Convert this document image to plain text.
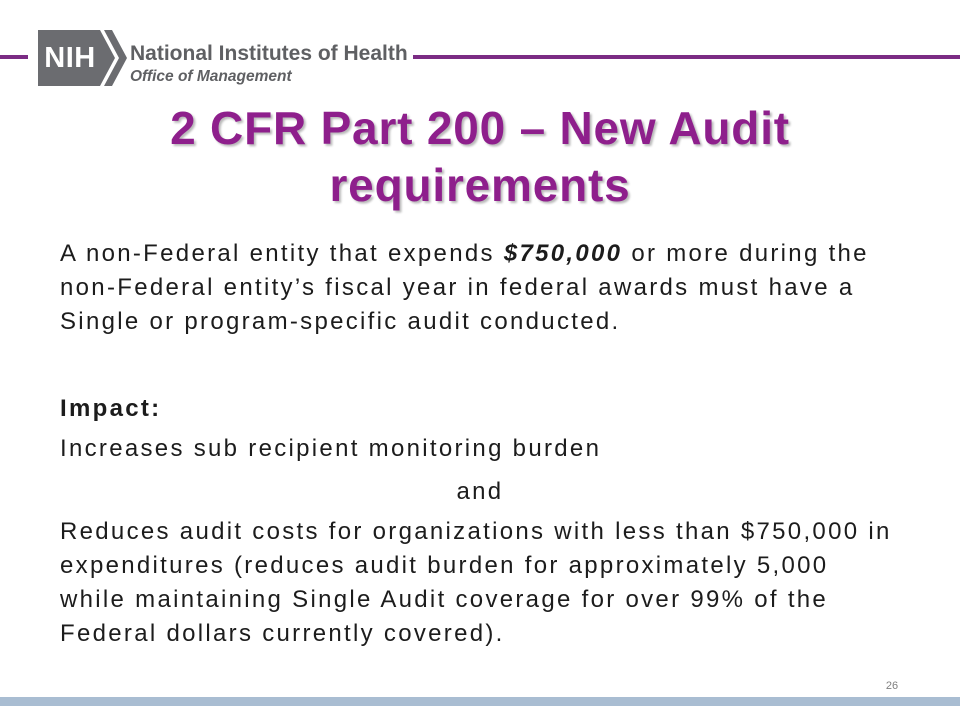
NIH National Institutes of Health
Office of Management
2 CFR Part 200 – New Audit
requirements
A non-Federal entity that expends $750,000 or more during the
non-Federal entity’s fiscal year in federal awards must have a
Single or program-specific audit conducted.
Impact:
Increases sub recipient monitoring burden
and
Reduces audit costs for organizations with less than $750,000 in
expenditures (reduces audit burden for approximately 5,000
while maintaining Single Audit coverage for over 99% of the
Federal dollars currently covered).
26
